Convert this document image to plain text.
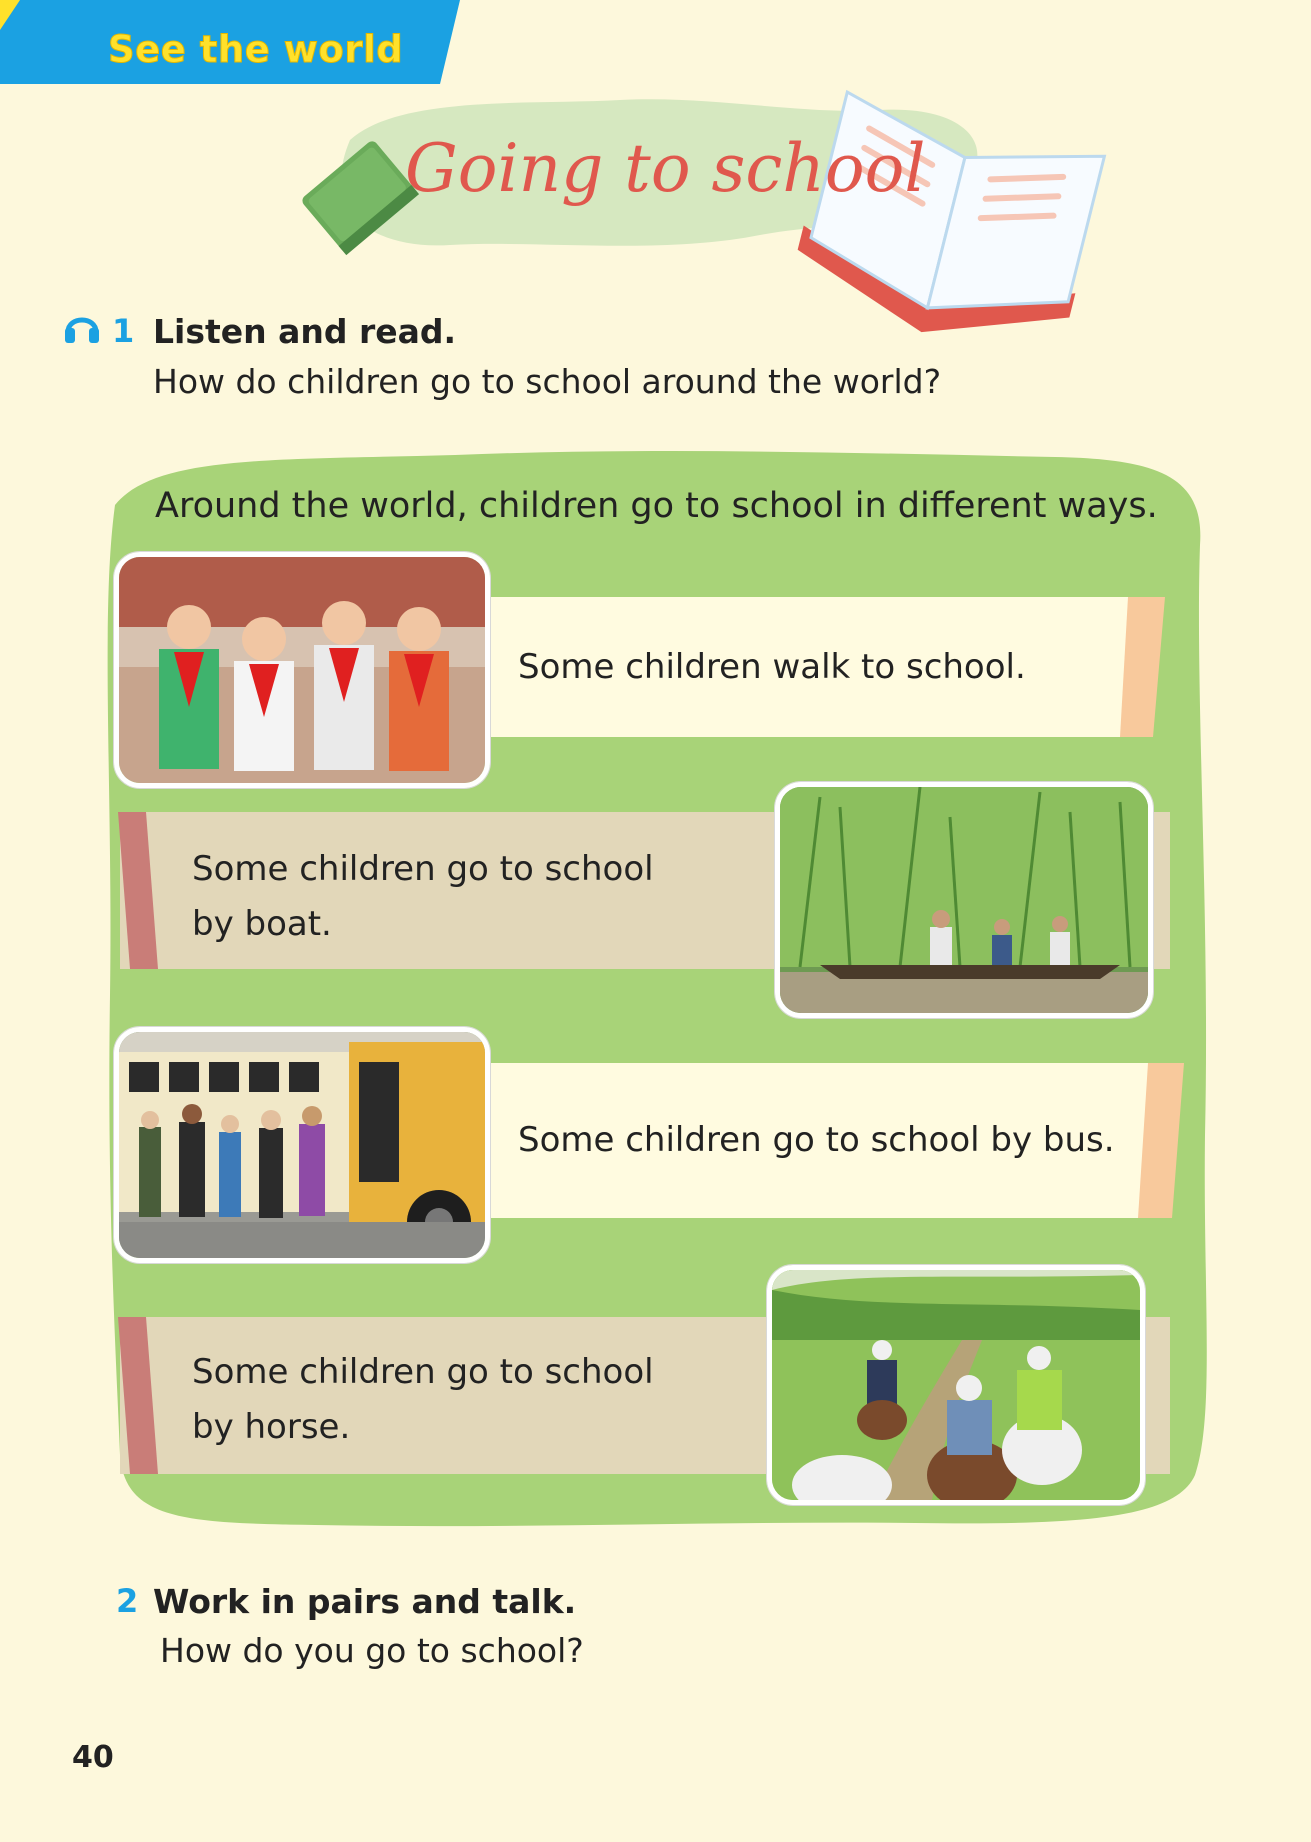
See the world
Going to school
1 Listen and read.
How do children go to school around the world?
Around the world, children go to school in different ways.
Some children walk to school.
Some children go to school
by boat.
Some children go to school by bus.
Some children go to school
by horse.
2 Work in pairs and talk.
How do you go to school?
40
